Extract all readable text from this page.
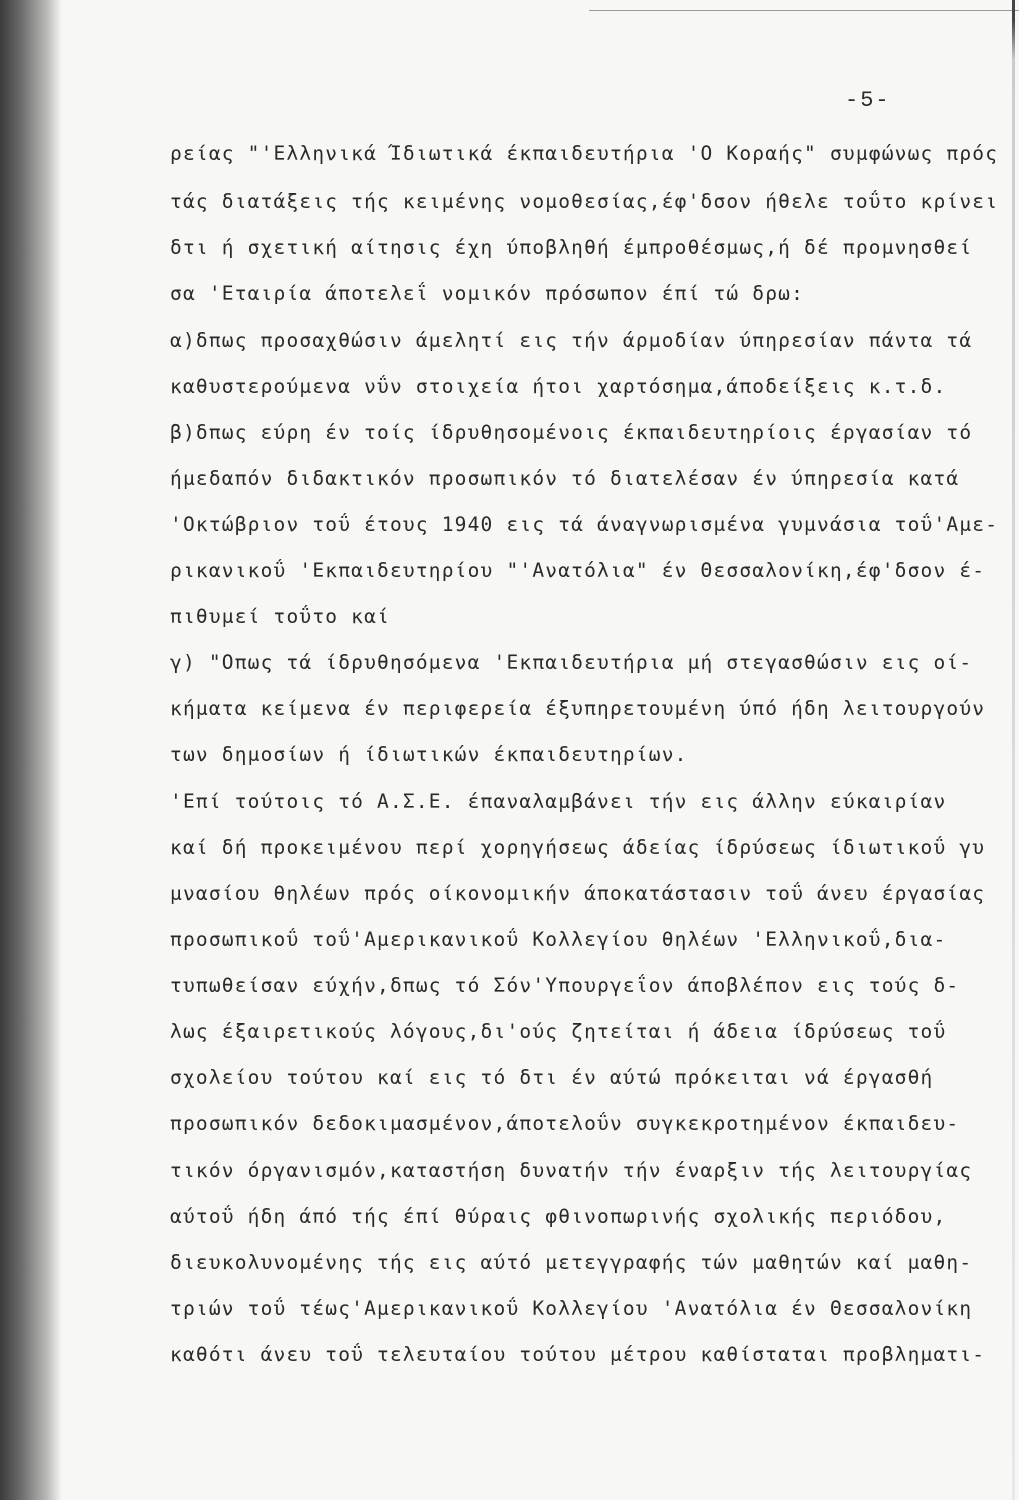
-5-
ρείας "'Ελληνικά Ίδιωτικά έκπαιδευτήρια 'Ο Κοραής" συμφώνως πρός
τάς διατάξεις τής κειμένης νομοθεσίας,έφ'δσον ήθελε τοΰτο κρίνει
δτι ή σχετική αίτησις έχη ύποβληθή έμπροθέσμως,ή δέ προμνησθεί
σα 'Εταιρία άποτελεΐ νομικόν πρόσωπον έπί τώ δρω:
α)δπως προσαχθώσιν άμελητί εις τήν άρμοδίαν ύπηρεσίαν πάντα τά
καθυστερούμενα νΰν στοιχεία ήτοι χαρτόσημα,άποδείξεις κ.τ.δ.
β)δπως εύρη έν τοίς ίδρυθησομένοις έκπαιδευτηρίοις έργασίαν τό
ήμεδαπόν διδακτικόν προσωπικόν τό διατελέσαν έν ύπηρεσία κατά
'Οκτώβριον τοΰ έτους 1940 εις τά άναγνωρισμένα γυμνάσια τοΰ'Αμε-
ρικανικοΰ 'Εκπαιδευτηρίου "'Ανατόλια" έν Θεσσαλονίκη,έφ'δσον έ-
πιθυμεί τοΰτο καί
γ) "Οπως τά ίδρυθησόμενα 'Εκπαιδευτήρια μή στεγασθώσιν εις οί-
κήματα κείμενα έν περιφερεία έξυπηρετουμένη ύπό ήδη λειτουργούν
των δημοσίων ή ίδιωτικών έκπαιδευτηρίων.
'Επί τούτοις τό Α.Σ.Ε. έπαναλαμβάνει τήν εις άλλην εύκαιρίαν
καί δή προκειμένου περί χορηγήσεως άδείας ίδρύσεως ίδιωτικοΰ γυ
μνασίου θηλέων πρός οίκονομικήν άποκατάστασιν τοΰ άνευ έργασίας
προσωπικοΰ τοΰ'Αμερικανικοΰ Κολλεγίου θηλέων 'Ελληνικοΰ,δια-
τυπωθείσαν εύχήν,δπως τό Σόν'Υπουργεΐον άποβλέπον εις τούς δ-
λως έξαιρετικούς λόγους,δι'ούς ζητείται ή άδεια ίδρύσεως τοΰ
σχολείου τούτου καί εις τό δτι έν αύτώ πρόκειται νά έργασθή
προσωπικόν δεδοκιμασμένον,άποτελοΰν συγκεκροτημένον έκπαιδευ-
τικόν όργανισμόν,καταστήση δυνατήν τήν έναρξιν τής λειτουργίας
αύτοΰ ήδη άπό τής έπί θύραις φθινοπωρινής σχολικής περιόδου,
διευκολυνομένης τής εις αύτό μετεγγραφής τών μαθητών καί μαθη-
τριών τοΰ τέως'Αμερικανικοΰ Κολλεγίου 'Ανατόλια έν Θεσσαλονίκη
καθότι άνευ τοΰ τελευταίου τούτου μέτρου καθίσταται προβληματι-
